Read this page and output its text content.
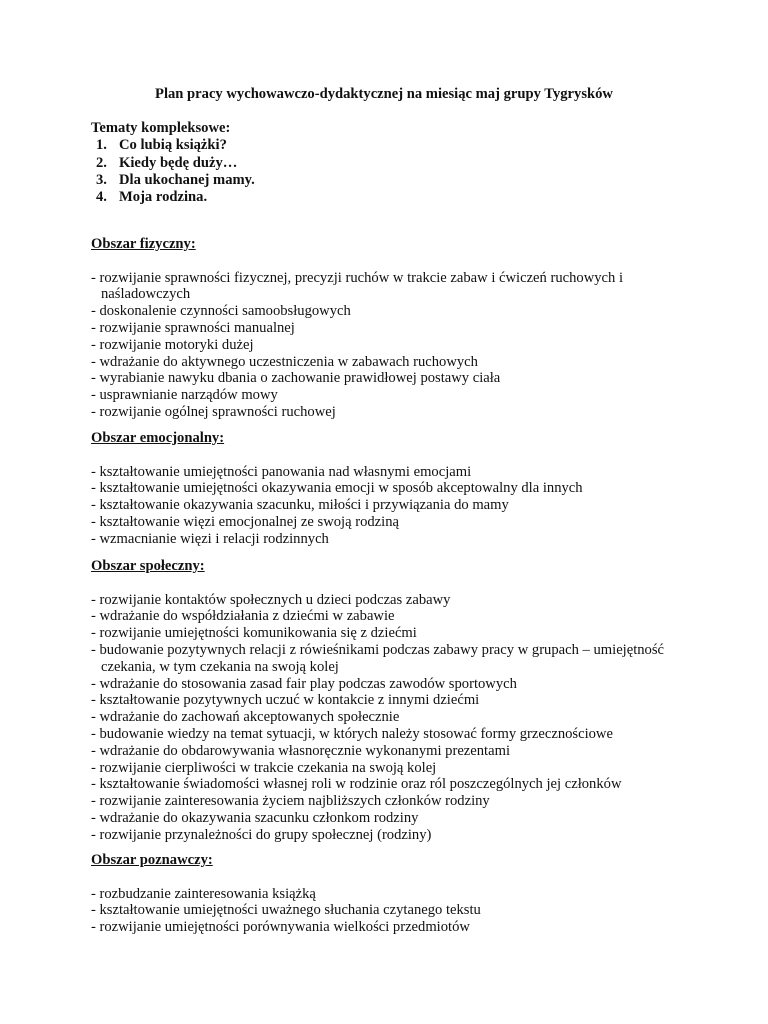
Plan pracy wychowawczo-dydaktycznej na miesiąc maj grupy Tygrysków
Tematy kompleksowe:
1. Co lubią książki?
2. Kiedy będę duży…
3. Dla ukochanej mamy.
4. Moja rodzina.
Obszar fizyczny:
- rozwijanie sprawności fizycznej, precyzji ruchów w trakcie zabaw i ćwiczeń ruchowych i naśladowczych
- doskonalenie czynności samoobsługowych
- rozwijanie sprawności manualnej
- rozwijanie motoryki dużej
- wdrażanie do aktywnego uczestniczenia w zabawach ruchowych
- wyrabianie nawyku dbania o zachowanie prawidłowej postawy ciała
- usprawnianie narządów mowy
- rozwijanie ogólnej sprawności ruchowej
Obszar emocjonalny:
- kształtowanie umiejętności panowania nad własnymi emocjami
- kształtowanie umiejętności okazywania emocji w sposób akceptowalny dla innych
- kształtowanie okazywania szacunku, miłości i przywiązania do mamy
- kształtowanie więzi emocjonalnej ze swoją rodziną
- wzmacnianie więzi i relacji rodzinnych
Obszar społeczny:
- rozwijanie kontaktów społecznych u dzieci podczas zabawy
- wdrażanie do współdziałania z dziećmi w zabawie
- rozwijanie umiejętności komunikowania się z dziećmi
- budowanie pozytywnych relacji z rówieśnikami podczas zabawy pracy w grupach – umiejętność czekania, w tym czekania na swoją kolej
- wdrażanie do stosowania zasad fair play podczas zawodów sportowych
- kształtowanie pozytywnych uczuć w kontakcie z innymi dziećmi
- wdrażanie do zachowań akceptowanych społecznie
- budowanie wiedzy na temat sytuacji, w których należy stosować formy grzecznościowe
- wdrażanie do obdarowywania własnoręcznie wykonanymi prezentami
- rozwijanie cierpliwości w trakcie czekania na swoją kolej
- kształtowanie świadomości własnej roli w rodzinie oraz ról poszczególnych jej członków
- rozwijanie zainteresowania życiem najbliższych członków rodziny
- wdrażanie do okazywania szacunku członkom rodziny
- rozwijanie przynależności do grupy społecznej (rodziny)
Obszar poznawczy:
- rozbudzanie zainteresowania książką
- kształtowanie umiejętności uważnego słuchania czytanego tekstu
- rozwijanie umiejętności porównywania wielkości przedmiotów
